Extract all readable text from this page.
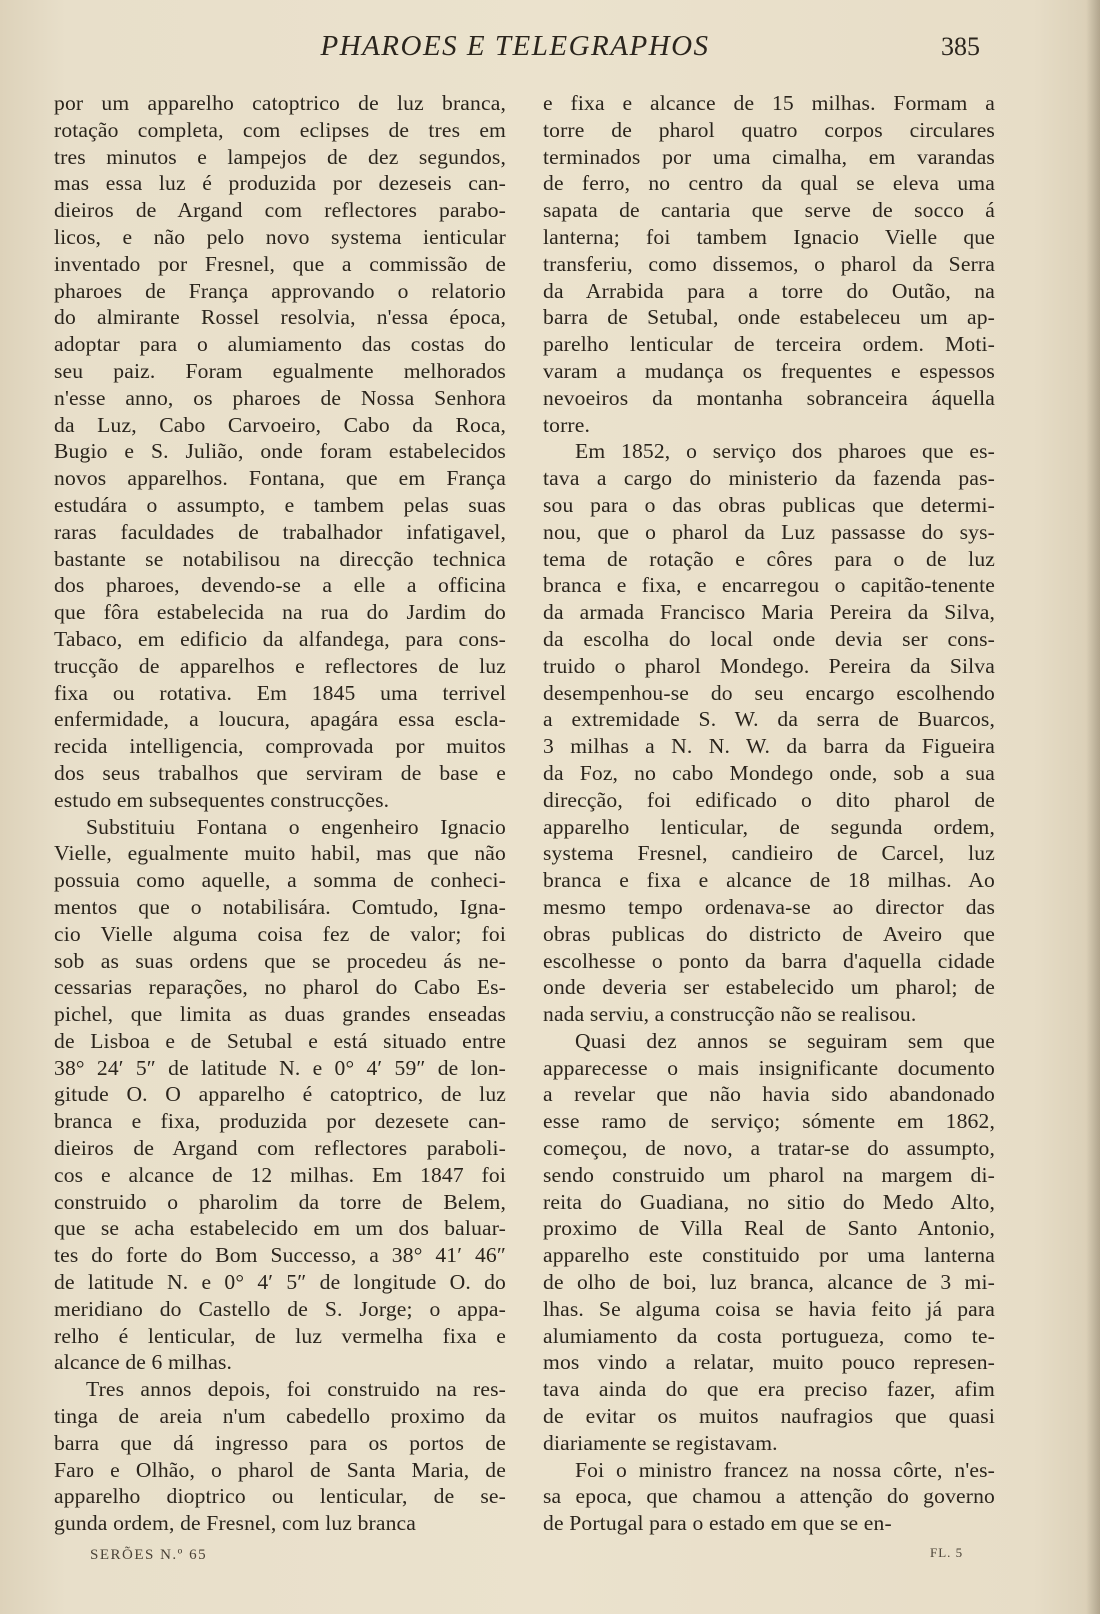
PHAROES E TELEGRAPHOS	385
por um apparelho catoptrico de luz branca,
rotação completa, com eclipses de tres em
tres minutos e lampejos de dez segundos,
mas essa luz é produzida por dezeseis can-
dieiros de Argand com reflectores parabo-
licos, e não pelo novo systema ienticular
inventado por Fresnel, que a commissão de
pharoes de França approvando o relatorio
do almirante Rossel resolvia, n'essa época,
adoptar para o alumiamento das costas do
seu paiz. Foram egualmente melhorados
n'esse anno, os pharoes de Nossa Senhora
da Luz, Cabo Carvoeiro, Cabo da Roca,
Bugio e S. Julião, onde foram estabelecidos
novos apparelhos. Fontana, que em França
estudára o assumpto, e tambem pelas suas
raras faculdades de trabalhador infatigavel,
bastante se notabilisou na direcção technica
dos pharoes, devendo-se a elle a officina
que fôra estabelecida na rua do Jardim do
Tabaco, em edificio da alfandega, para cons-
trucção de apparelhos e reflectores de luz
fixa ou rotativa. Em 1845 uma terrivel
enfermidade, a loucura, apagára essa escla-
recida intelligencia, comprovada por muitos
dos seus trabalhos que serviram de base e
estudo em subsequentes construcções.
Substituiu Fontana o engenheiro Ignacio
Vielle, egualmente muito habil, mas que não
possuia como aquelle, a somma de conheci-
mentos que o notabilisára. Comtudo, Igna-
cio Vielle alguma coisa fez de valor; foi
sob as suas ordens que se procedeu ás ne-
cessarias reparações, no pharol do Cabo Es-
pichel, que limita as duas grandes enseadas
de Lisboa e de Setubal e está situado entre
38° 24′ 5″ de latitude N. e 0° 4′ 59″ de lon-
gitude O. O apparelho é catoptrico, de luz
branca e fixa, produzida por dezesete can-
dieiros de Argand com reflectores paraboli-
cos e alcance de 12 milhas. Em 1847 foi
construido o pharolim da torre de Belem,
que se acha estabelecido em um dos baluar-
tes do forte do Bom Successo, a 38° 41′ 46″
de latitude N. e 0° 4′ 5″ de longitude O. do
meridiano do Castello de S. Jorge; o appa-
relho é lenticular, de luz vermelha fixa e
alcance de 6 milhas.
Tres annos depois, foi construido na res-
tinga de areia n'um cabedello proximo da
barra que dá ingresso para os portos de
Faro e Olhão, o pharol de Santa Maria, de
apparelho dioptrico ou lenticular, de se-
gunda ordem, de Fresnel, com luz branca
e fixa e alcance de 15 milhas. Formam a
torre de pharol quatro corpos circulares
terminados por uma cimalha, em varandas
de ferro, no centro da qual se eleva uma
sapata de cantaria que serve de socco á
lanterna; foi tambem Ignacio Vielle que
transferiu, como dissemos, o pharol da Serra
da Arrabida para a torre do Outão, na
barra de Setubal, onde estabeleceu um ap-
parelho lenticular de terceira ordem. Moti-
varam a mudança os frequentes e espessos
nevoeiros da montanha sobranceira áquella
torre.
Em 1852, o serviço dos pharoes que es-
tava a cargo do ministerio da fazenda pas-
sou para o das obras publicas que determi-
nou, que o pharol da Luz passasse do sys-
tema de rotação e côres para o de luz
branca e fixa, e encarregou o capitão-tenente
da armada Francisco Maria Pereira da Silva,
da escolha do local onde devia ser cons-
truido o pharol Mondego. Pereira da Silva
desempenhou-se do seu encargo escolhendo
a extremidade S. W. da serra de Buarcos,
3 milhas a N. N. W. da barra da Figueira
da Foz, no cabo Mondego onde, sob a sua
direcção, foi edificado o dito pharol de
apparelho lenticular, de segunda ordem,
systema Fresnel, candieiro de Carcel, luz
branca e fixa e alcance de 18 milhas. Ao
mesmo tempo ordenava-se ao director das
obras publicas do districto de Aveiro que
escolhesse o ponto da barra d'aquella cidade
onde deveria ser estabelecido um pharol; de
nada serviu, a construcção não se realisou.
Quasi dez annos se seguiram sem que
apparecesse o mais insignificante documento
a revelar que não havia sido abandonado
esse ramo de serviço; sómente em 1862,
começou, de novo, a tratar-se do assumpto,
sendo construido um pharol na margem di-
reita do Guadiana, no sitio do Medo Alto,
proximo de Villa Real de Santo Antonio,
apparelho este constituido por uma lanterna
de olho de boi, luz branca, alcance de 3 mi-
lhas. Se alguma coisa se havia feito já para
alumiamento da costa portugueza, como te-
mos vindo a relatar, muito pouco represen-
tava ainda do que era preciso fazer, afim
de evitar os muitos naufragios que quasi
diariamente se registavam.
Foi o ministro francez na nossa côrte, n'es-
sa epoca, que chamou a attenção do governo
de Portugal para o estado em que se en-
SERÕES N.º 65	FL. 5
